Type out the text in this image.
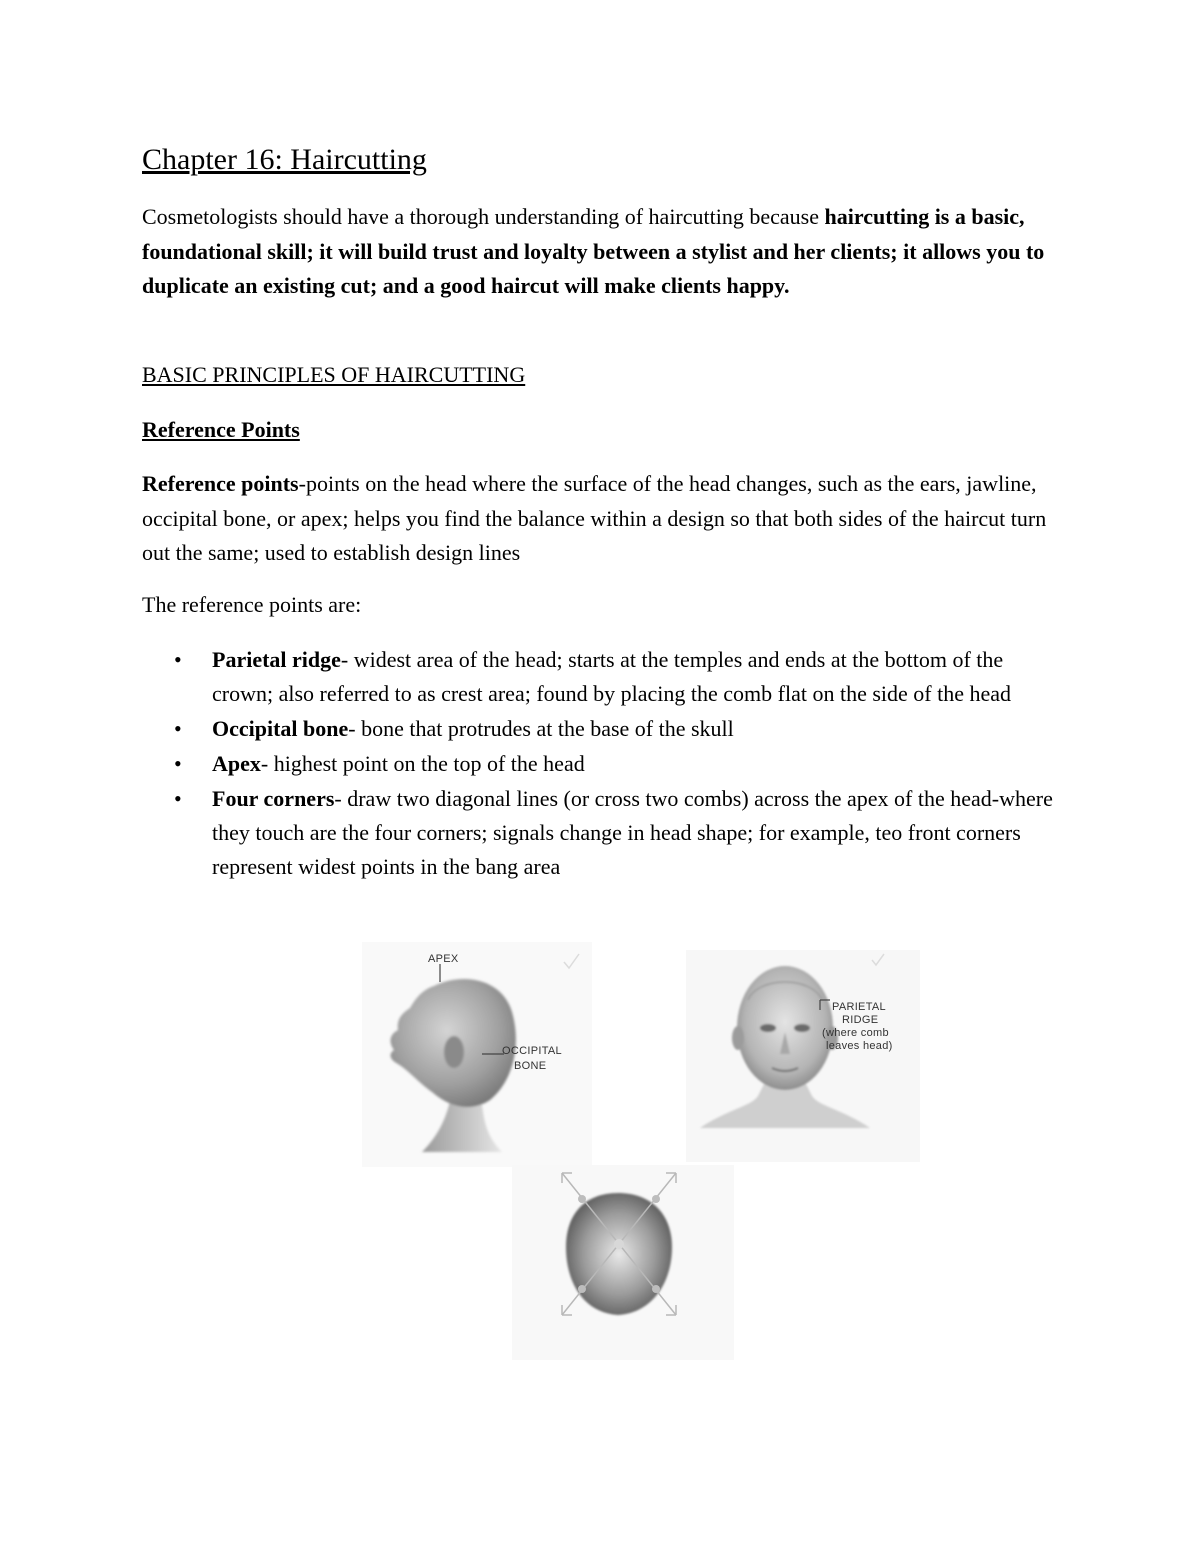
Chapter 16: Haircutting

Cosmetologists should have a thorough understanding of haircutting because haircutting is a basic, foundational skill; it will build trust and loyalty between a stylist and her clients; it allows you to duplicate an existing cut; and a good haircut will make clients happy.

BASIC PRINCIPLES OF HAIRCUTTING
Reference Points

Reference points-points on the head where the surface of the head changes, such as the ears, jawline, occipital bone, or apex; helps you find the balance within a design so that both sides of the haircut turn out the same; used to establish design lines

The reference points are:

• Parietal ridge- widest area of the head; starts at the temples and ends at the bottom of the crown; also referred to as crest area; found by placing the comb flat on the side of the head
• Occipital bone- bone that protrudes at the base of the skull
• Apex- highest point on the top of the head
• Four corners- draw two diagonal lines (or cross two combs) across the apex of the head-where they touch are the four corners; signals change in head shape; for example, teo front corners represent widest points in the bang area
APEX
OCCIPITAL
BONE
PARIETAL
RIDGE
(where comb
leaves head)
